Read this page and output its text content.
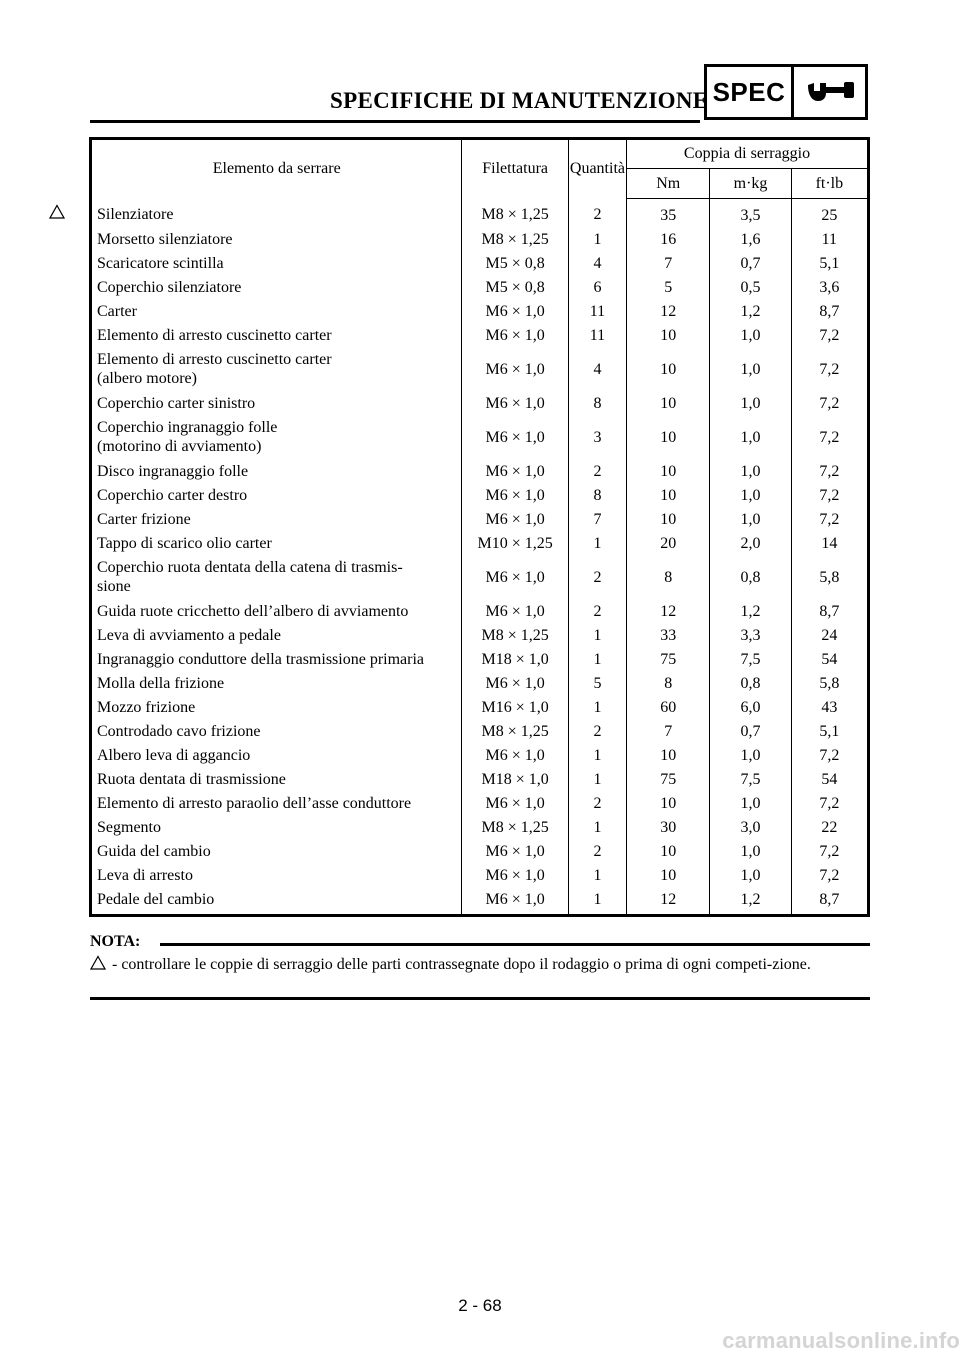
SPECIFICHE DI MANUTENZIONE SPEC
Elemento da serrare	Filettatura	Quantità	Coppia di serraggio		
			Nm	m·kg	ft·lb

Silenziatore	M8 × 1,25	2	35	3,5	25
Morsetto silenziatore	M8 × 1,25	1	16	1,6	11
Scaricatore scintilla	M5 × 0,8	4	7	0,7	5,1
Coperchio silenziatore	M5 × 0,8	6	5	0,5	3,6
Carter	M6 × 1,0	11	12	1,2	8,7
Elemento di arresto cuscinetto carter	M6 × 1,0	11	10	1,0	7,2
Elemento di arresto cuscinetto carter
(albero motore)	M6 × 1,0	4	10	1,0	7,2
Coperchio carter sinistro	M6 × 1,0	8	10	1,0	7,2
Coperchio ingranaggio folle
(motorino di avviamento)	M6 × 1,0	3	10	1,0	7,2
Disco ingranaggio folle	M6 × 1,0	2	10	1,0	7,2
Coperchio carter destro	M6 × 1,0	8	10	1,0	7,2
Carter frizione	M6 × 1,0	7	10	1,0	7,2
Tappo di scarico olio carter	M10 × 1,25	1	20	2,0	14
Coperchio ruota dentata della catena di trasmis-
sione	M6 × 1,0	2	8	0,8	5,8
Guida ruote cricchetto dell’albero di avviamento	M6 × 1,0	2	12	1,2	8,7
Leva di avviamento a pedale	M8 × 1,25	1	33	3,3	24
Ingranaggio conduttore della trasmissione primaria	M18 × 1,0	1	75	7,5	54
Molla della frizione	M6 × 1,0	5	8	0,8	5,8
Mozzo frizione	M16 × 1,0	1	60	6,0	43
Controdado cavo frizione	M8 × 1,25	2	7	0,7	5,1
Albero leva di aggancio	M6 × 1,0	1	10	1,0	7,2
Ruota dentata di trasmissione	M18 × 1,0	1	75	7,5	54
Elemento di arresto paraolio dell’asse conduttore	M6 × 1,0	2	10	1,0	7,2
Segmento	M8 × 1,25	1	30	3,0	22
Guida del cambio	M6 × 1,0	2	10	1,0	7,2
Leva di arresto	M6 × 1,0	1	10	1,0	7,2
Pedale del cambio	M6 × 1,0	1	12	1,2	8,7
NOTA:
- controllare le coppie di serraggio delle parti contrassegnate dopo il rodaggio o prima di ogni competi-zione.
2 - 68
carmanualsonline.info
